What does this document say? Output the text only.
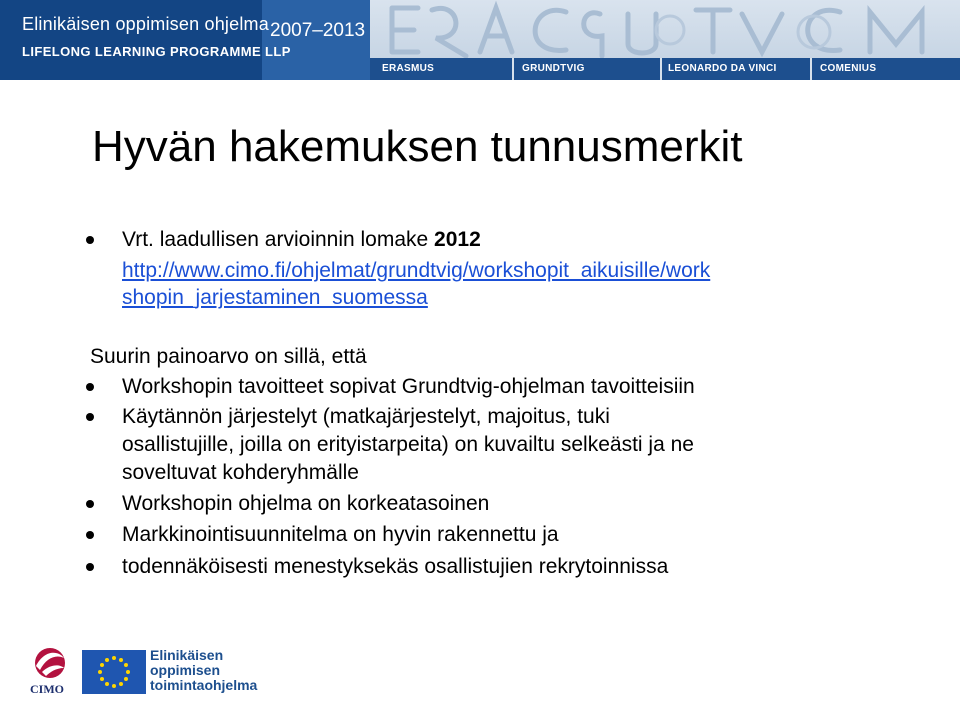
Elinikäisen oppimisen ohjelma
LIFELONG LEARNING PROGRAMME LLP
2007–2013
ERASMUS	GRUNDTVIG	LEONARDO DA VINCI	COMENIUS
Hyvän hakemuksen tunnusmerkit
Vrt. laadullisen arvioinnin lomake 2012
http://www.cimo.fi/ohjelmat/grundtvig/workshopit_aikuisille/work
shopin_jarjestaminen_suomessa
Suurin painoarvo on sillä, että
Workshopin tavoitteet sopivat Grundtvig-ohjelman tavoitteisiin
Käytännön järjestelyt (matkajärjestelyt, majoitus, tuki
osallistujille, joilla on erityistarpeita) on kuvailtu selkeästi ja ne
soveltuvat kohderyhmälle
Workshopin ohjelma on korkeatasoinen
Markkinointisuunnitelma on hyvin rakennettu ja
todennäköisesti menestyksekäs osallistujien rekrytoinnissa
CIMO
Elinikäisen
oppimisen
toimintaohjelma
